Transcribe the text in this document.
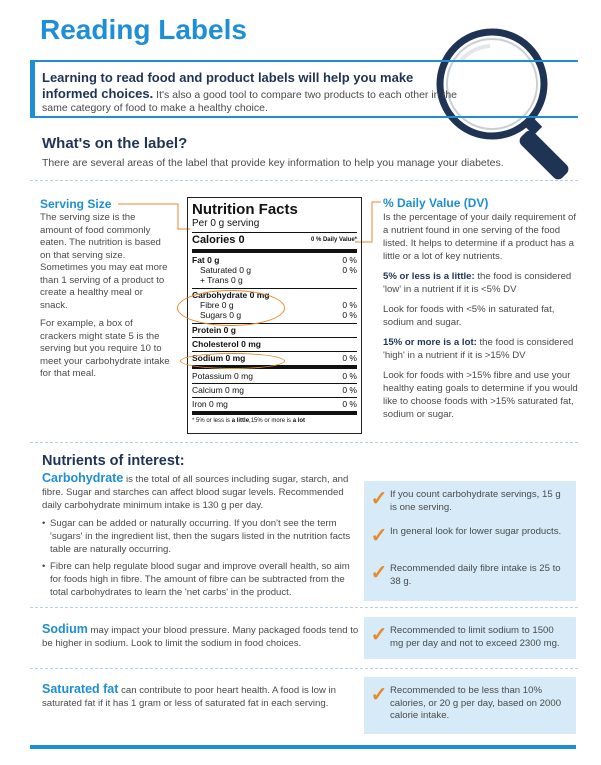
Reading Labels
Learning to read food and product labels will help you make informed choices. It's also a good tool to compare two products to each other in the same category of food to make a healthy choice.
What's on the label?
There are several areas of the label that provide key information to help you manage your diabetes.
Serving Size

The serving size is the amount of food commonly eaten. The nutrition is based on that serving size. Sometimes you may eat more than 1 serving of a product to create a healthy meal or snack.

For example, a box of crackers might state 5 is the serving but you require 10 to meet your carbohydrate intake for that meal.

Nutrition Facts
Per 0 g serving
Calories 0	0 % Daily Value*
Fat 0 g	0 %
Saturated 0 g	0 %
+ Trans 0 g
Carbohydrate 0 mg
Fibre 0 g	0 %
Sugars 0 g	0 %
Protein 0 g
Cholesterol 0 mg
Sodium 0 mg	0 %
Potassium 0 mg	0 %
Calcium 0 mg	0 %
Iron 0 mg	0 %
* 5% or less is a little,15% or more is a lot
% Daily Value (DV)

Is the percentage of your daily requirement of a nutrient found in one serving of the food listed. It helps to determine if a product has a little or a lot of key nutrients.

5% or less is a little: the food is considered 'low' in a nutrient if it is <5% DV

Look for foods with <5% in saturated fat, sodium and sugar.

15% or more is a lot: the food is considered 'high' in a nutrient if it is >15% DV

Look for foods with >15% fibre and use your healthy eating goals to determine if you would like to choose foods with >15% saturated fat, sodium or sugar.

Nutrients of interest:
Carbohydrate is the total of all sources including sugar, starch, and fibre. Sugar and starches can affect blood sugar levels. Recommended daily carbohydrate minimum intake is 130 g per day.
• Sugar can be added or naturally occurring. If you don't see the term 'sugars' in the ingredient list, then the sugars listed in the nutrition facts table are naturally occurring.
• Fibre can help regulate blood sugar and improve overall health, so aim for foods high in fibre. The amount of fibre can be subtracted from the total carbohydrates to learn the 'net carbs' in the product.
✓ If you count carbohydrate servings, 15 g is one serving.
✓ In general look for lower sugar products.
✓ Recommended daily fibre intake is 25 to 38 g.
Sodium may impact your blood pressure. Many packaged foods tend to be higher in sodium. Look to limit the sodium in food choices.	✓ Recommended to limit sodium to 1500 mg per day and not to exceed 2300 mg.
Saturated fat can contribute to poor heart health. A food is low in saturated fat if it has 1 gram or less of saturated fat in each serving.	✓ Recommended to be less than 10% calories, or 20 g per day, based on 2000 calorie intake.
